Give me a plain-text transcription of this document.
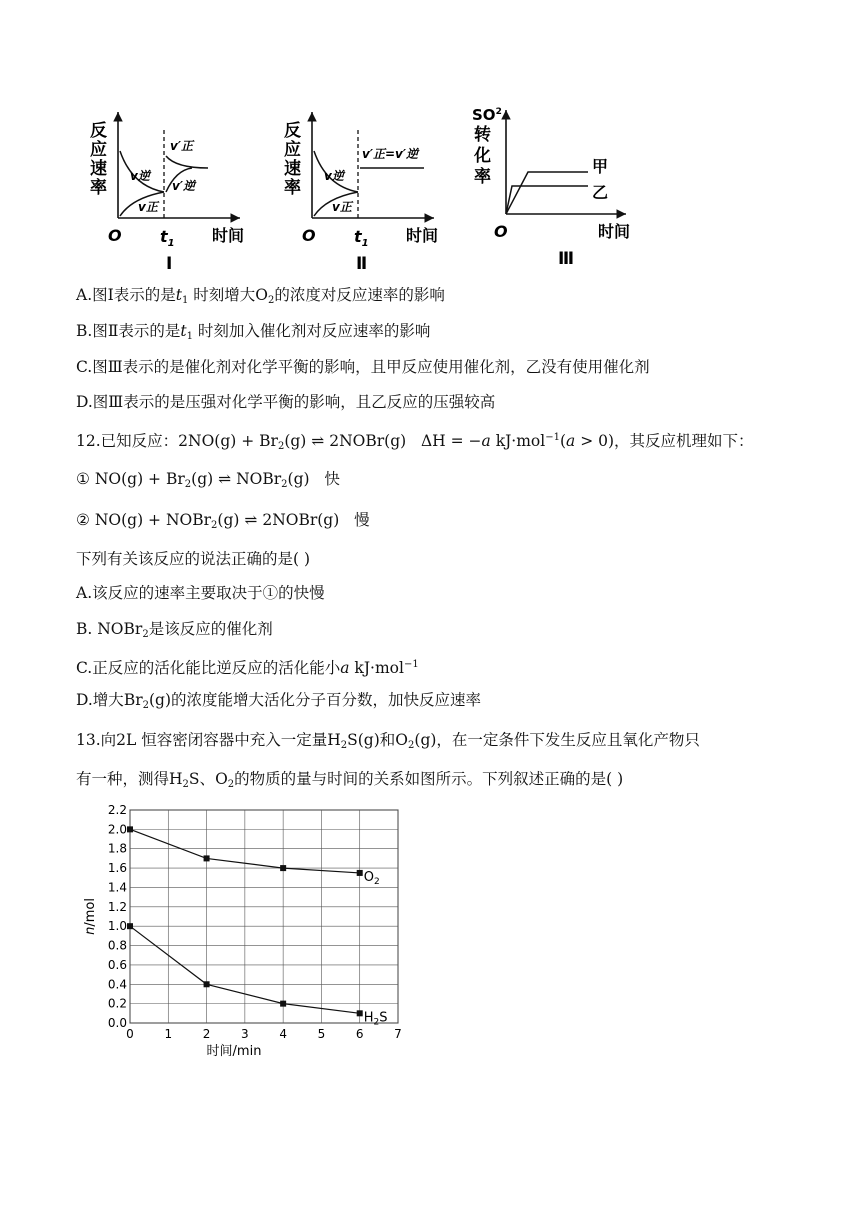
反
应
速
率
v逆
v正
v′正
v′逆
O $t_1$ 时间
Ⅰ
反
应
速
率
v逆
v正
v′正=v′逆
O $t_1$ 时间
Ⅱ
$SO^2$
转
化
率
甲
乙
O	时间
Ⅲ
A.图Ⅰ表示的是$t_1$ 时刻增大$O_2$的浓度对反应速率的影响
B.图Ⅱ表示的是$t_1$ 时刻加入催化剂对反应速率的影响
C.图Ⅲ表示的是催化剂对化学平衡的影响，且甲反应使用催化剂，乙没有使用催化剂
D.图Ⅲ表示的是压强对化学平衡的影响，且乙反应的压强较高
12.已知反应：$2NO(g) + Br_2(g)$ ⇌ 2NOBr(g) ΔH = −a kJ·mol$^{-1}$(a > 0)，其反应机理如下：
① $NO(g) + Br_2(g)$ ⇌ NOBr$_2$(g) 快
② NO(g) + NOBr$_2$(g) ⇌ 2NOBr(g) 慢
下列有关该反应的说法正确的是( )
A.该反应的速率主要取决于①的快慢
B. NOBr$_2$是该反应的催化剂
C.正反应的活化能比逆反应的活化能小a kJ·mol$^{-1}$
D.增大$Br_2(g)$的浓度能增大活化分子百分数，加快反应速率
13.向2L 恒容密闭容器中充入一定量$H_2S(g)$和$O_2(g)$，在一定条件下发生反应且氧化产物只
有一种，测得$H_2S$、$O_2$的物质的量与时间的关系如图所示。下列叙述正确的是( )
0.0
0.2
0.4
0.6
0.8
1.0
1.2
1.4
1.6
1.8
2.0
2.2
0	1	2	3	4	5	6	7
$O_2$
$H_2S$
n/mol
时间/min
